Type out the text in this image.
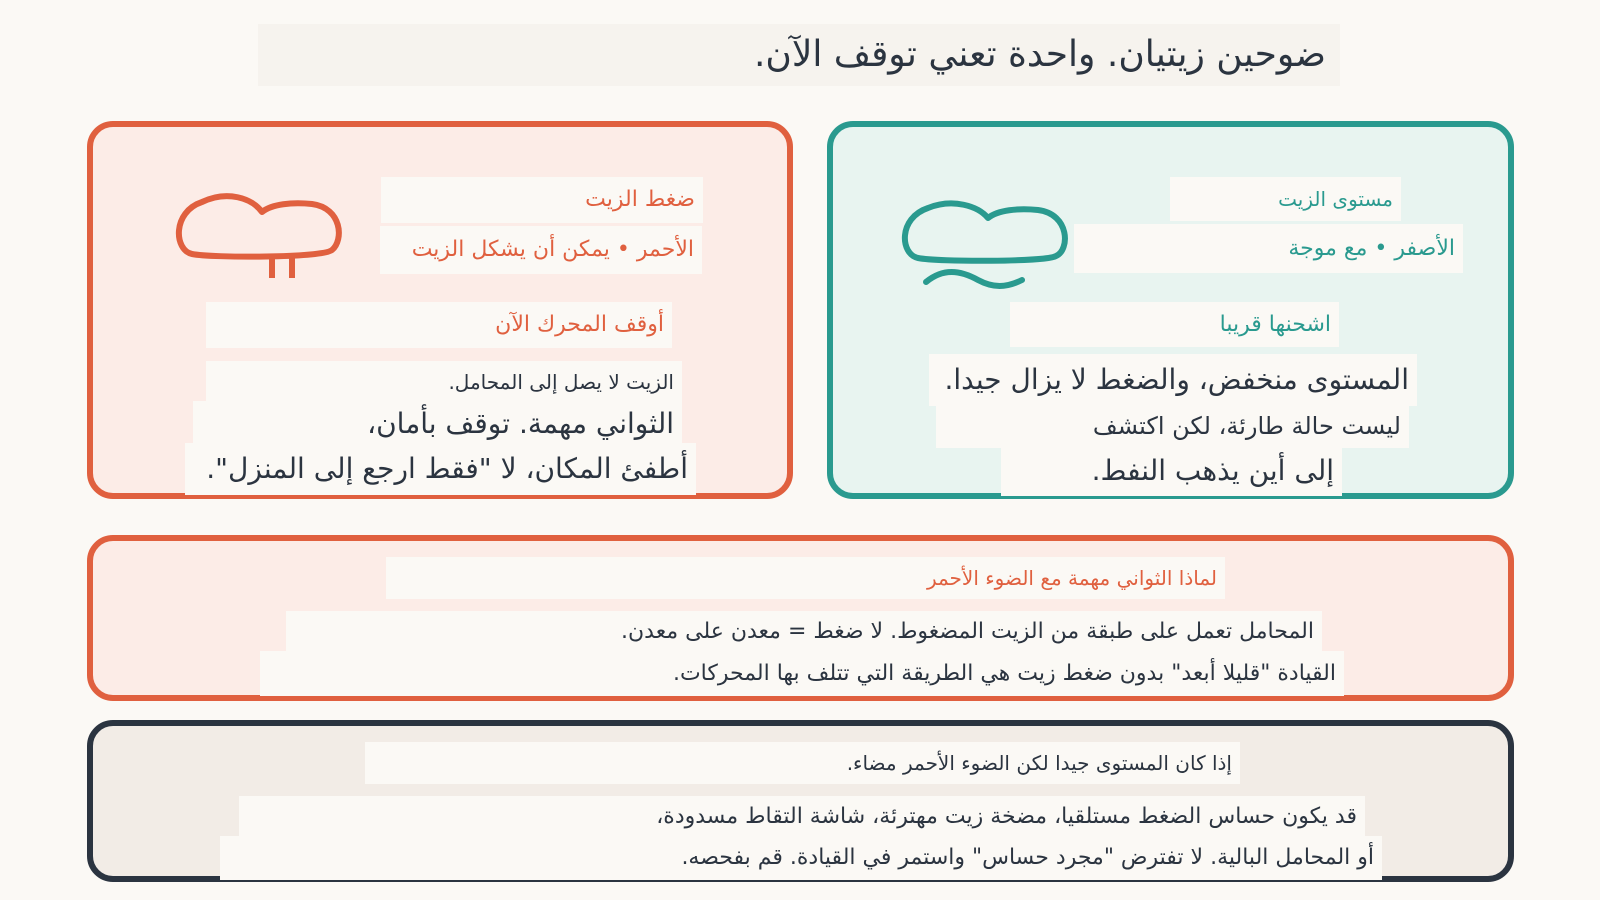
ضوحين زيتيان. واحدة تعني توقف الآن.
ضغط الزيت
الأحمر • يمكن أن يشكل الزيت
أوقف المحرك الآن
الزيت لا يصل إلى المحامل.
الثواني مهمة. توقف بأمان،
أطفئ المكان، لا "فقط ارجع إلى المنزل".
مستوى الزيت
الأصفر • مع موجة
اشحنها قريبا
المستوى منخفض، والضغط لا يزال جيدا.
ليست حالة طارئة، لكن اكتشف
إلى أين يذهب النفط.
لماذا الثواني مهمة مع الضوء الأحمر
المحامل تعمل على طبقة من الزيت المضغوط. لا ضغط = معدن على معدن.
القيادة "قليلا أبعد" بدون ضغط زيت هي الطريقة التي تتلف بها المحركات.
إذا كان المستوى جيدا لكن الضوء الأحمر مضاء.
قد يكون حساس الضغط مستلقيا، مضخة زيت مهترئة، شاشة التقاط مسدودة،
أو المحامل البالية. لا تفترض "مجرد حساس" واستمر في القيادة. قم بفحصه.
